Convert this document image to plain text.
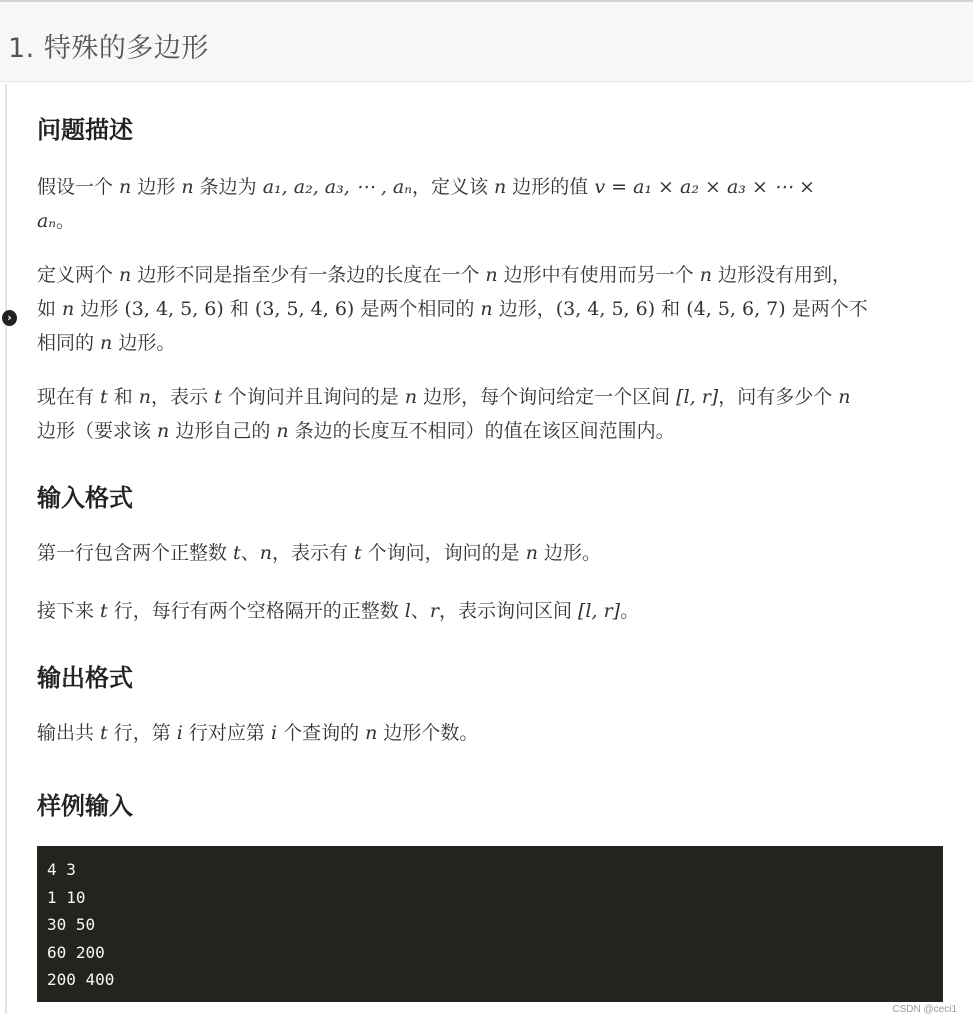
1. 特殊的多边形
›
问题描述

假设一个 n 边形 n 条边为 a₁, a₂, a₃, ⋯ , aₙ，定义该 n 边形的值 v = a₁ × a₂ × a₃ × ⋯ ×
aₙ。

定义两个 n 边形不同是指至少有一条边的长度在一个 n 边形中有使用而另一个 n 边形没有用到，
如 n 边形 (3, 4, 5, 6) 和 (3, 5, 4, 6) 是两个相同的 n 边形，(3, 4, 5, 6) 和 (4, 5, 6, 7) 是两个不
相同的 n 边形。

现在有 t 和 n，表示 t 个询问并且询问的是 n 边形，每个询问给定一个区间 [l, r]，问有多少个 n
边形（要求该 n 边形自己的 n 条边的长度互不相同）的值在该区间范围内。

输入格式

第一行包含两个正整数 t、n，表示有 t 个询问，询问的是 n 边形。

接下来 t 行，每行有两个空格隔开的正整数 l、r，表示询问区间 [l, r]。

输出格式

输出共 t 行，第 i 行对应第 i 个查询的 n 边形个数。

样例输入
4 3
1 10
30 50
60 200
200 400
CSDN @ceci1
